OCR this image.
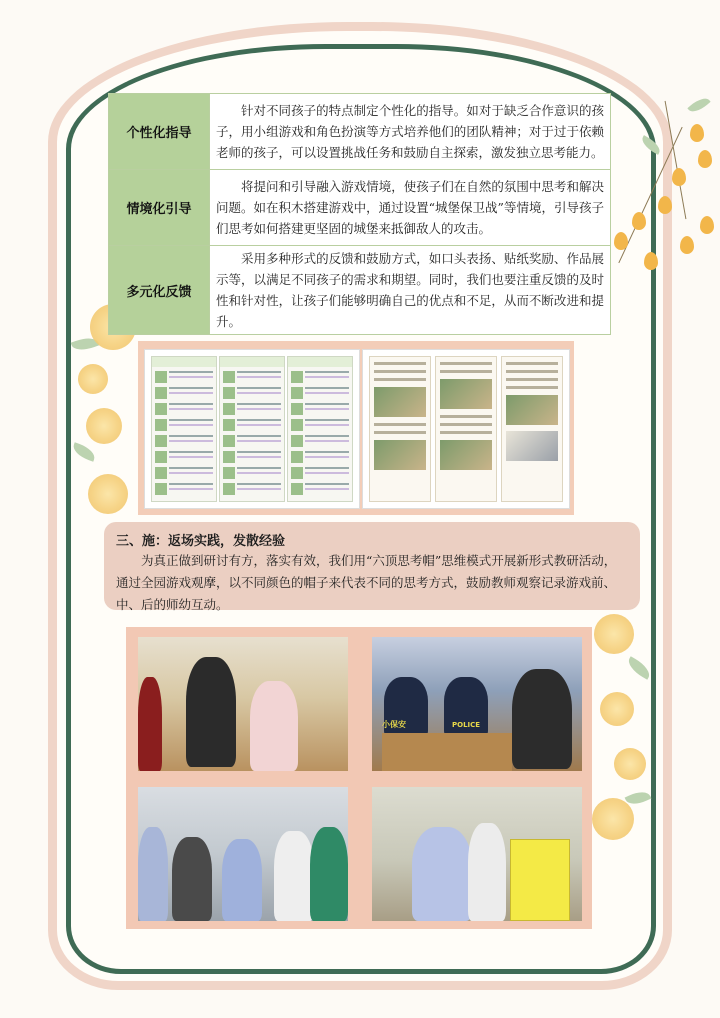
个性化指导	针对不同孩子的特点制定个性化的指导。如对于缺乏合作意识的孩子，用小组游戏和角色扮演等方式培养他们的团队精神；对于过于依赖老师的孩子，可以设置挑战任务和鼓励自主探索，激发独立思考能力。
情境化引导	将提问和引导融入游戏情境，使孩子们在自然的氛围中思考和解决问题。如在积木搭建游戏中，通过设置“城堡保卫战”等情境，引导孩子们思考如何搭建更坚固的城堡来抵御敌人的攻击。
多元化反馈	采用多种形式的反馈和鼓励方式，如口头表扬、贴纸奖励、作品展示等，以满足不同孩子的需求和期望。同时，我们也要注重反馈的及时性和针对性，让孩子们能够明确自己的优点和不足，从而不断改进和提升。
三、施：返场实践，发散经验
为真正做到研讨有方，落实有效，我们用“六顶思考帽”思维模式开展新形式教研活动，通过全园游戏观摩，以不同颜色的帽子来代表不同的思考方式，鼓励教师观察记录游戏前、中、后的师幼互动。
小保安	POLICE
